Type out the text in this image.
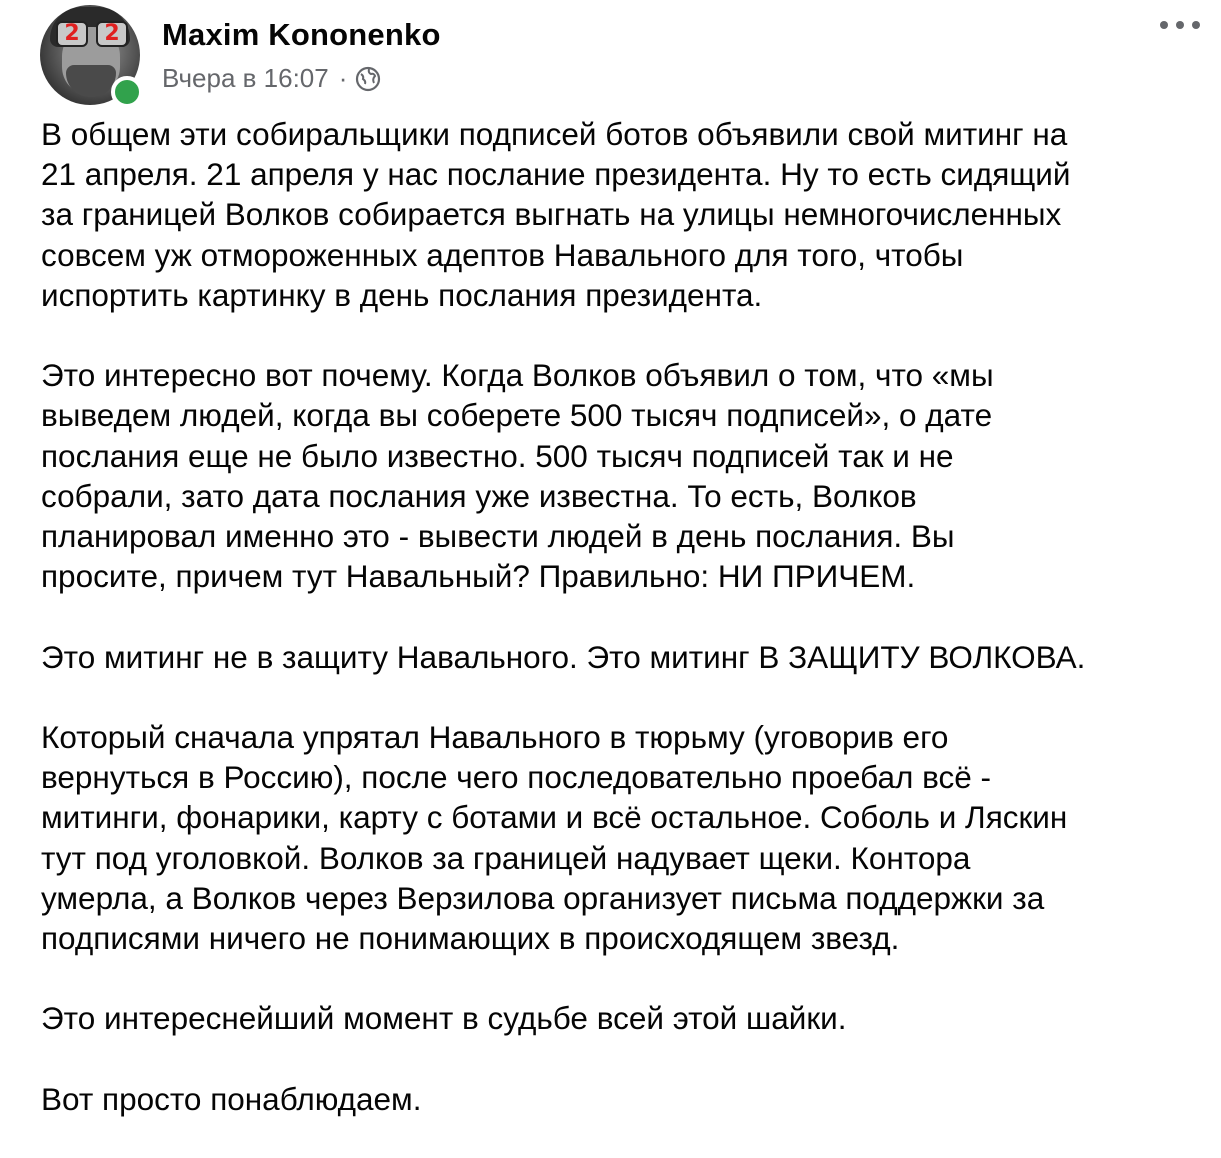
2	2 Maxim Kononenko
Вчера в 16:07 ·

В общем эти собиральщики подписей ботов объявили свой митинг на
21 апреля. 21 апреля у нас послание президента. Ну то есть сидящий
за границей Волков собирается выгнать на улицы немногочисленных
совсем уж отмороженных адептов Навального для того, чтобы
испортить картинку в день послания президента.

Это интересно вот почему. Когда Волков объявил о том, что «мы
выведем людей, когда вы соберете 500 тысяч подписей», о дате
послания еще не было известно. 500 тысяч подписей так и не
собрали, зато дата послания уже известна. То есть, Волков
планировал именно это - вывести людей в день послания. Вы
просите, причем тут Навальный? Правильно: НИ ПРИЧЕМ.

Это митинг не в защиту Навального. Это митинг В ЗАЩИТУ ВОЛКОВА.

Который сначала упрятал Навального в тюрьму (уговорив его
вернуться в Россию), после чего последовательно проебал всё -
митинги, фонарики, карту с ботами и всё остальное. Соболь и Ляскин
тут под уголовкой. Волков за границей надувает щеки. Контора
умерла, а Волков через Верзилова организует письма поддержки за
подписями ничего не понимающих в происходящем звезд.

Это интереснейший момент в судьбе всей этой шайки.

Вот просто понаблюдаем.
